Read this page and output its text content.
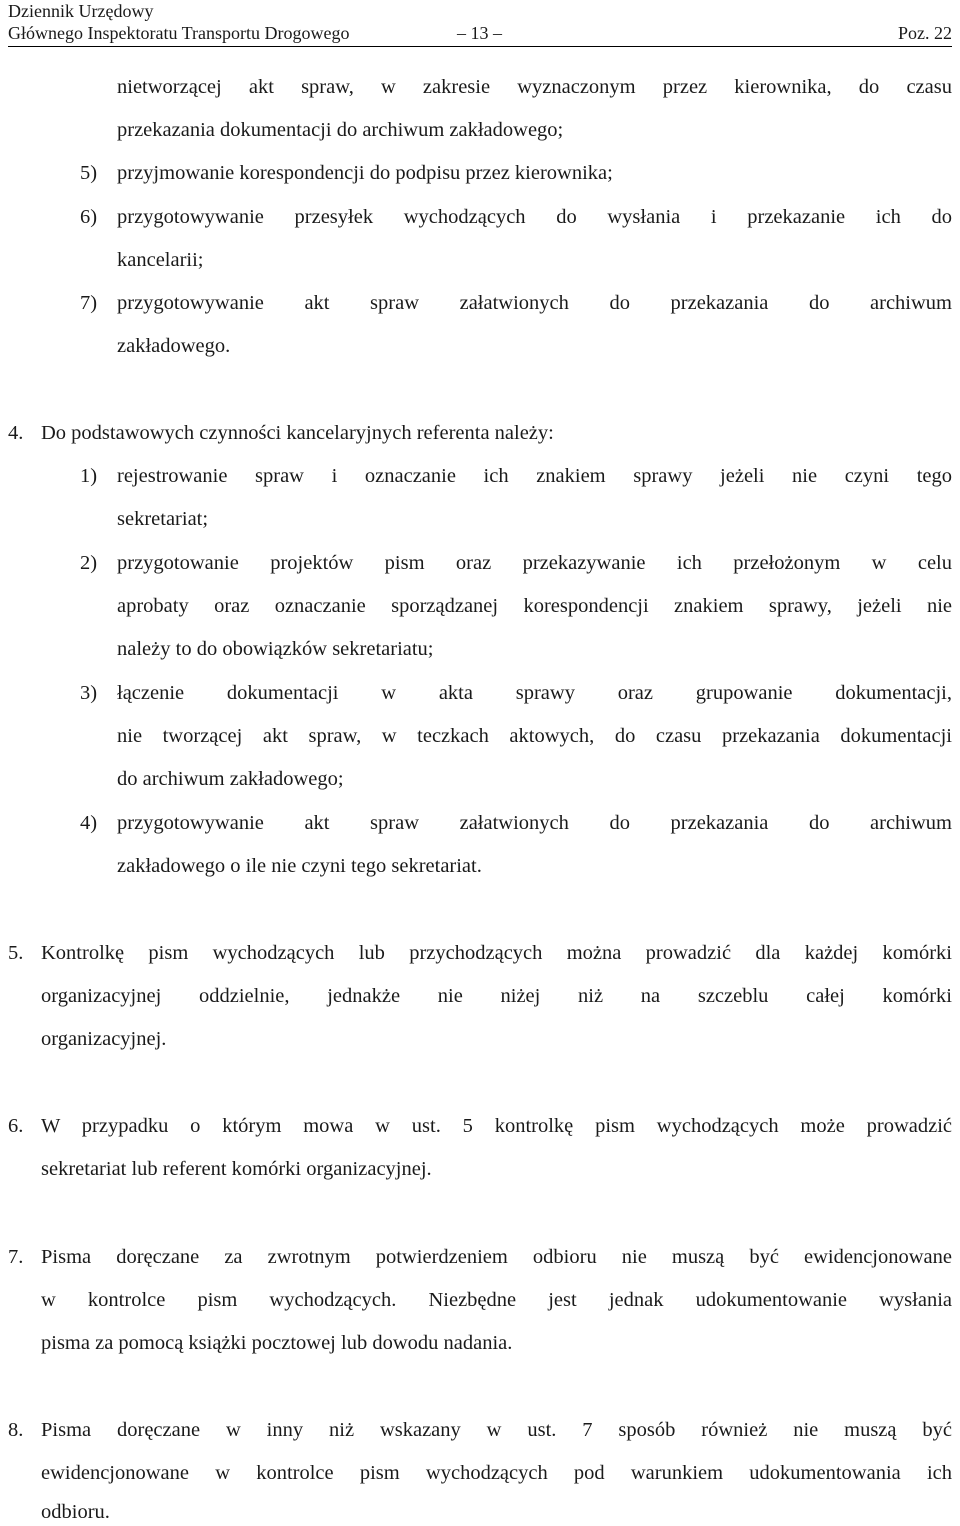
Dziennik Urzędowy
Głównego Inspektoratu Transportu Drogowego	– 13 –	Poz. 22
nietworzącej akt spraw, w zakresie wyznaczonym przez kierownika, do czasu
przekazania dokumentacji do archiwum zakładowego;
5) przyjmowanie korespondencji do podpisu przez kierownika;
6) przygotowywanie przesyłek wychodzących do wysłania i przekazanie ich do
kancelarii;
7) przygotowywanie akt spraw załatwionych do przekazania do archiwum
zakładowego.
4. Do podstawowych czynności kancelaryjnych referenta należy:
1) rejestrowanie spraw i oznaczanie ich znakiem sprawy jeżeli nie czyni tego
sekretariat;
2) przygotowanie projektów pism oraz przekazywanie ich przełożonym w celu
aprobaty oraz oznaczanie sporządzanej korespondencji znakiem sprawy, jeżeli nie
należy to do obowiązków sekretariatu;
3) łączenie dokumentacji w akta sprawy oraz grupowanie dokumentacji,
nie tworzącej akt spraw, w teczkach aktowych, do czasu przekazania dokumentacji
do archiwum zakładowego;
4) przygotowywanie akt spraw załatwionych do przekazania do archiwum
zakładowego o ile nie czyni tego sekretariat.
5. Kontrolkę pism wychodzących lub przychodzących można prowadzić dla każdej komórki
organizacyjnej oddzielnie, jednakże nie niżej niż na szczeblu całej komórki
organizacyjnej.
6. W przypadku o którym mowa w ust. 5 kontrolkę pism wychodzących może prowadzić
sekretariat lub referent komórki organizacyjnej.
7. Pisma doręczane za zwrotnym potwierdzeniem odbioru nie muszą być ewidencjonowane
w kontrolce pism wychodzących. Niezbędne jest jednak udokumentowanie wysłania
pisma za pomocą książki pocztowej lub dowodu nadania.
8. Pisma doręczane w inny niż wskazany w ust. 7 sposób również nie muszą być
ewidencjonowane w kontrolce pism wychodzących pod warunkiem udokumentowania ich
odbioru.
